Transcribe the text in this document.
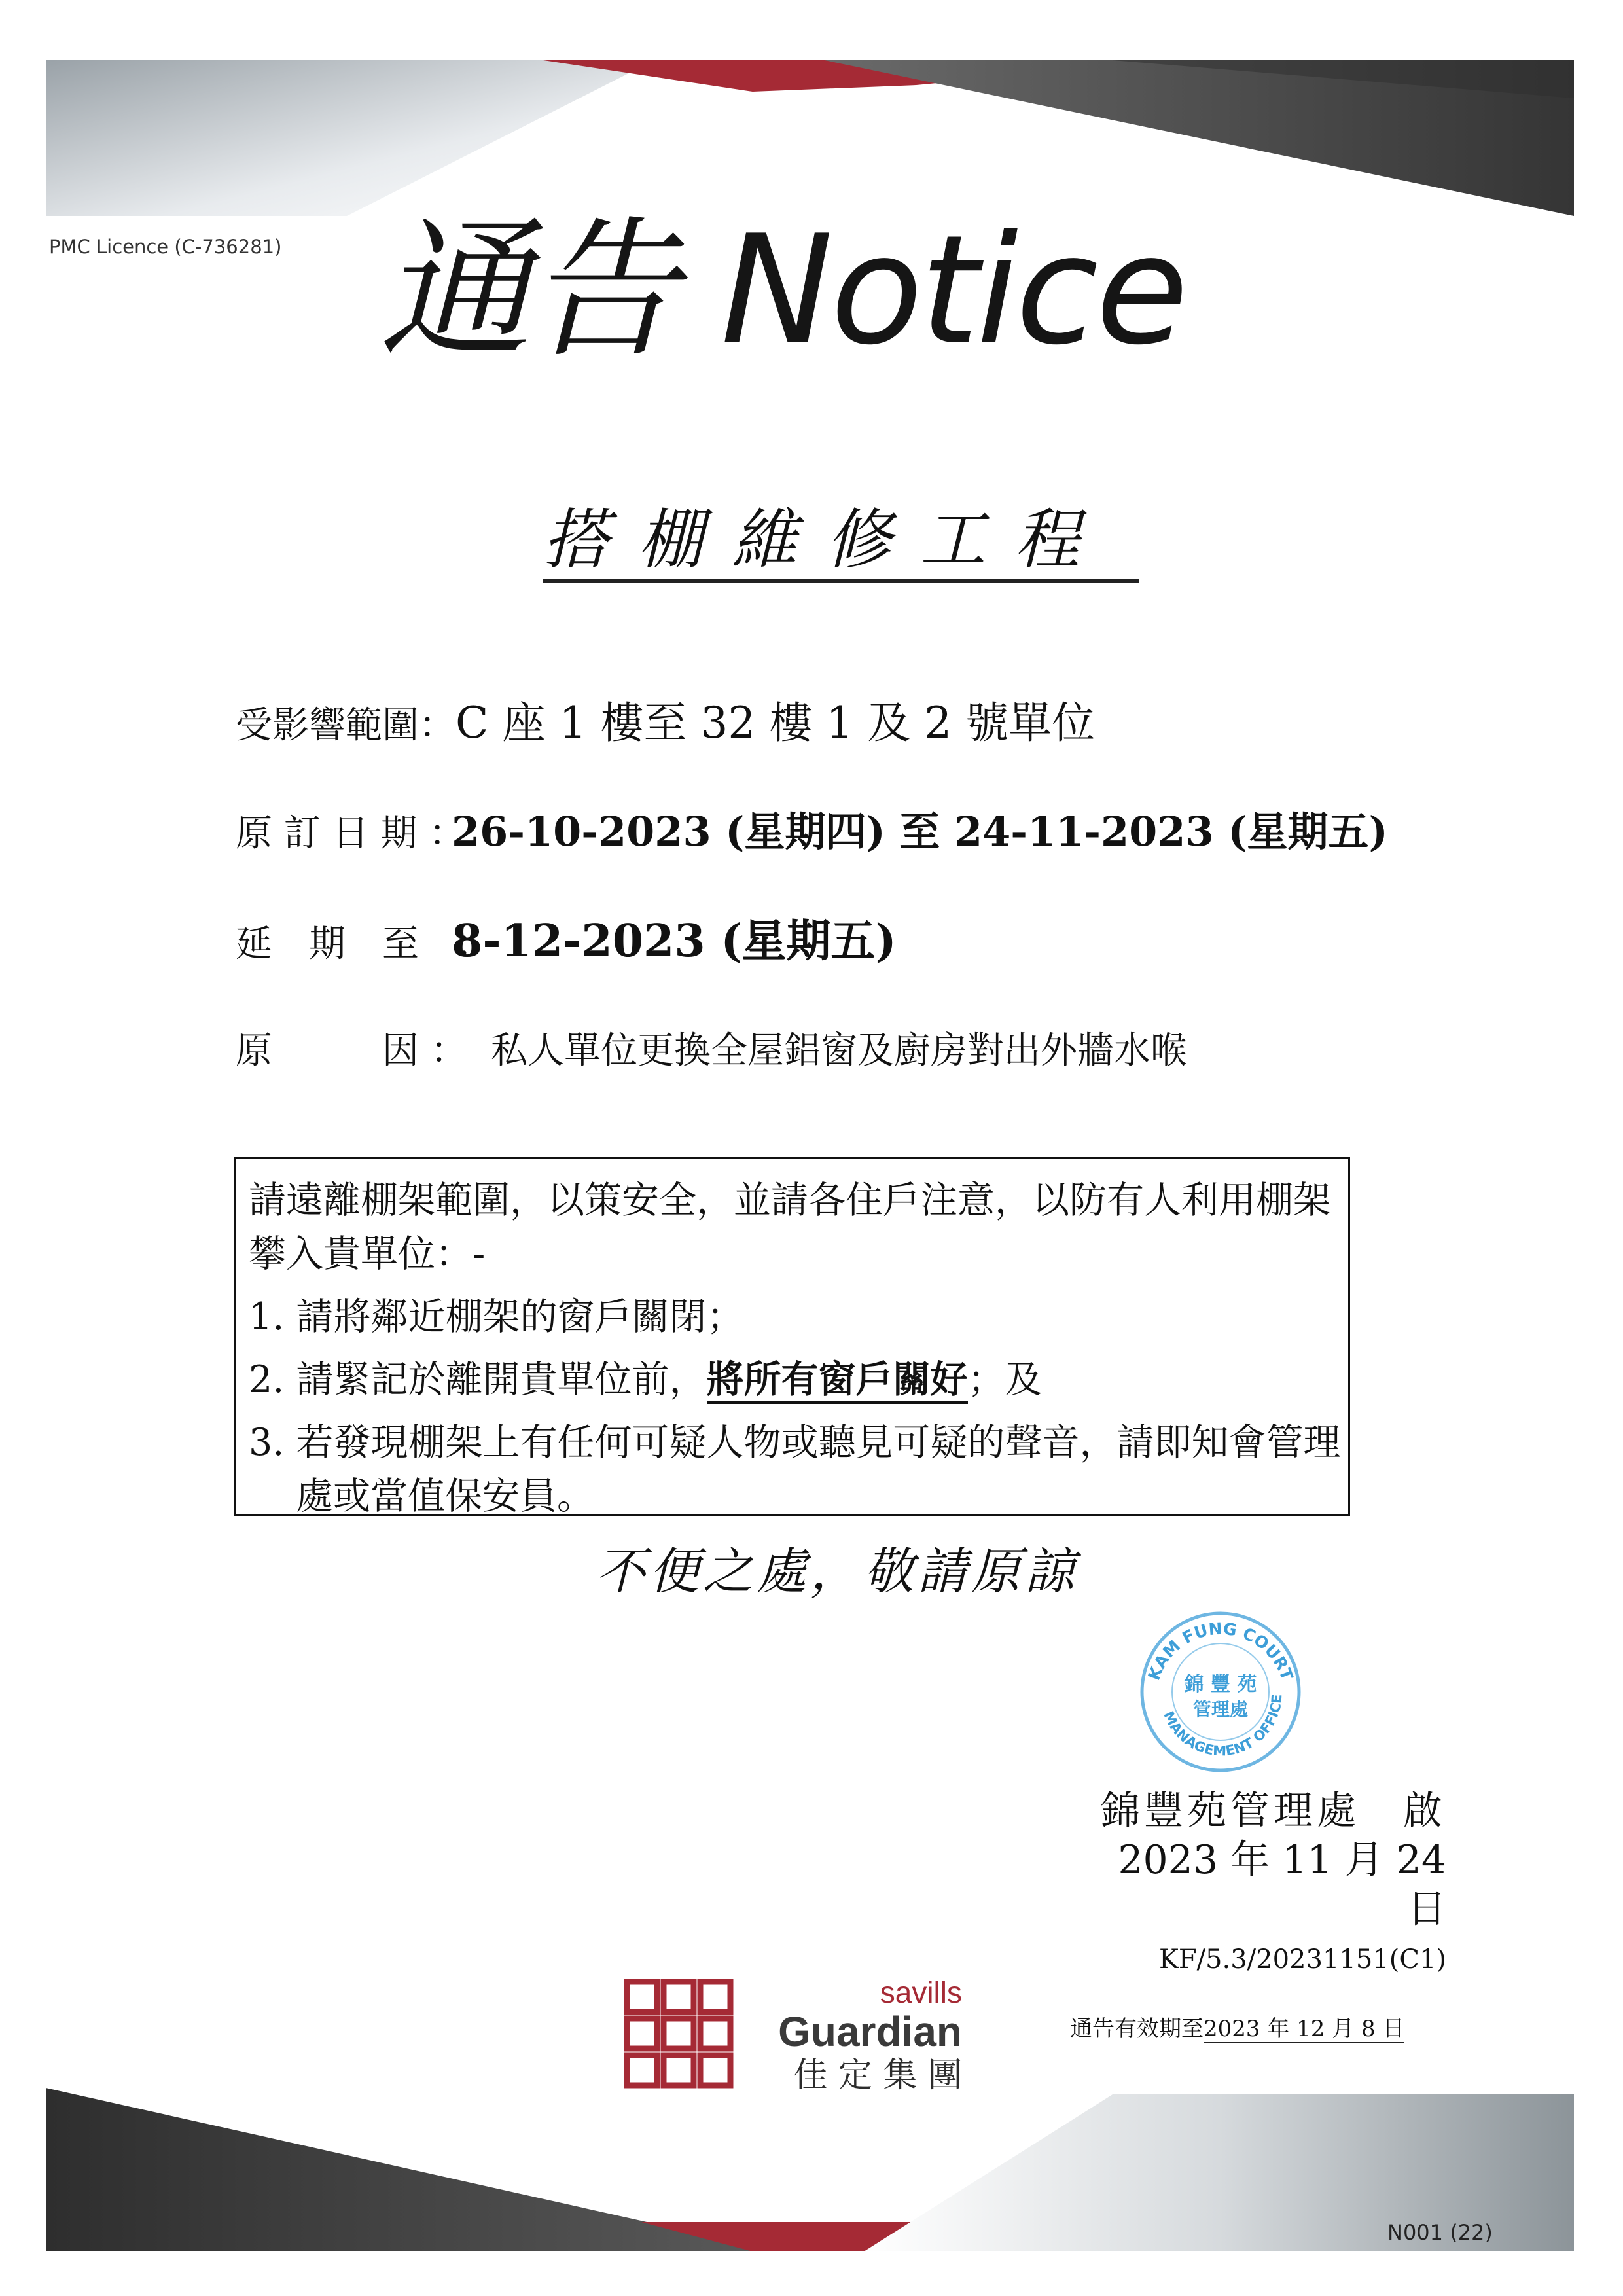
PMC Licence (C-736281) 通告 Notice
搭棚維修工程
受影響範圍：C 座 1 樓至 32 樓 1 及 2 號單位
原 訂 日 期 ：26-10-2023 (星期四) 至 24-11-2023 (星期五)
延　期　至　：8-12-2023 (星期五)
原　　　因 ： 私人單位更換全屋鋁窗及廚房對出外牆水喉
請遠離棚架範圍，以策安全，並請各住戶注意，以防有人利用棚架
攀入貴單位：-
1. 請將鄰近棚架的窗戶關閉；
2. 請緊記於離開貴單位前，將所有窗戶關好；及
3. 若發現棚架上有任何可疑人物或聽見可疑的聲音，請即知會管理
處或當值保安員。
不便之處，敬請原諒
KAM FUNG COURT
錦 豐 苑
管理處
MANAGEMENT OFFICE
錦豐苑管理處　啟
2023 年 11 月 24 日
KF/5.3/20231151(C1)
savills
Guardian
佳 定 集 團
通告有效期至2023 年 12 月 8 日
N001 (22)
